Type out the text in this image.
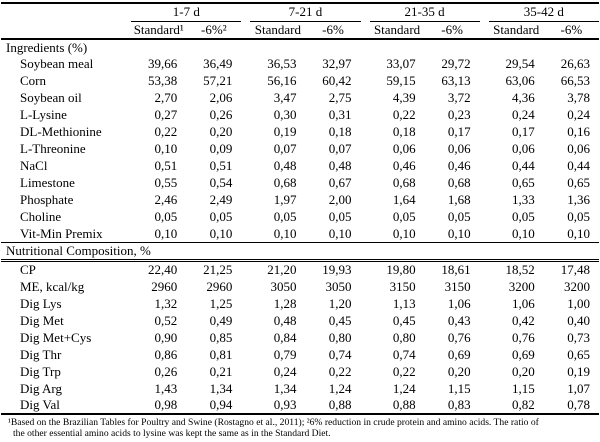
	1-7 d			7-21 d			21-35 d			35-42 d	
	Standard¹	-6%²		Standard	-6%		Standard	-6%		Standard	-6%
Ingredients (%)											
Soybean meal	39,66	36,49		36,53	32,97		33,07	29,72		29,54	26,63
Corn	53,38	57,21		56,16	60,42		59,15	63,13		63,06	66,53
Soybean oil	2,70	2,06		3,47	2,75		4,39	3,72		4,36	3,78
L-Lysine	0,27	0,26		0,30	0,31		0,22	0,23		0,24	0,24
DL-Methionine	0,22	0,20		0,19	0,18		0,18	0,17		0,17	0,16
L-Threonine	0,10	0,09		0,07	0,07		0,06	0,06		0,06	0,06
NaCl	0,51	0,51		0,48	0,48		0,46	0,46		0,44	0,44
Limestone	0,55	0,54		0,68	0,67		0,68	0,68		0,65	0,65
Phosphate	2,46	2,49		1,97	2,00		1,64	1,68		1,33	1,36
Choline	0,05	0,05		0,05	0,05		0,05	0,05		0,05	0,05
Vit-Min Premix	0,10	0,10		0,10	0,10		0,10	0,10		0,10	0,10
Nutritional Composition, %											
CP	22,40	21,25		21,20	19,93		19,80	18,61		18,52	17,48
ME, kcal/kg	2960	2960		3050	3050		3150	3150		3200	3200
Dig Lys	1,32	1,25		1,28	1,20		1,13	1,06		1,06	1,00
Dig Met	0,52	0,49		0,48	0,45		0,45	0,43		0,42	0,40
Dig Met+Cys	0,90	0,85		0,84	0,80		0,80	0,76		0,76	0,73
Dig Thr	0,86	0,81		0,79	0,74		0,74	0,69		0,69	0,65
Dig Trp	0,26	0,21		0,24	0,22		0,22	0,20		0,20	0,19
Dig Arg	1,43	1,34		1,34	1,24		1,24	1,15		1,15	1,07
Dig Val	0,98	0,94		0,93	0,88		0,88	0,83		0,82	0,78
¹Based on the Brazilian Tables for Poultry and Swine (Rostagno et al., 2011); ²6% reduction in crude protein and amino acids. The ratio of
the other essential amino acids to lysine was kept the same as in the Standard Diet.
